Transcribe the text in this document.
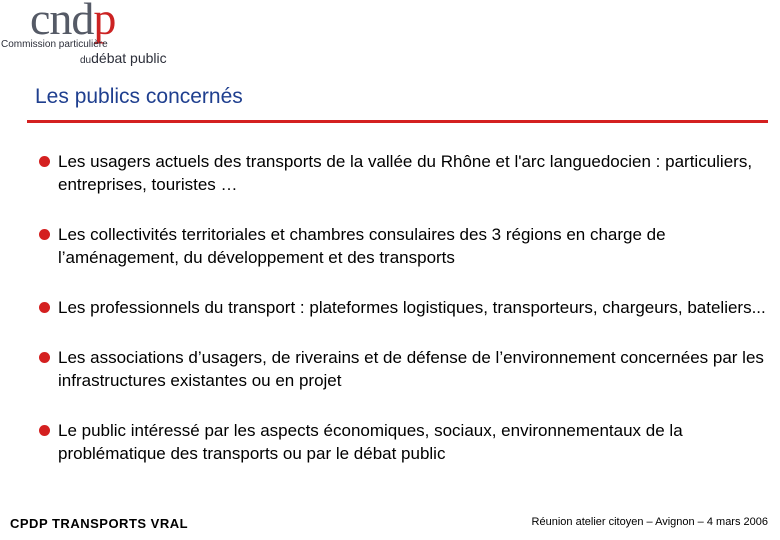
cndp
Commission particulière
dudébat public
Les publics concernés
Les usagers actuels des transports de la vallée du Rhône et l'arc languedocien : particuliers, entreprises, touristes …
Les collectivités territoriales et chambres consulaires des 3 régions en charge de l’aménagement, du développement et des transports
Les professionnels du transport : plateformes logistiques, transporteurs, chargeurs, bateliers...
Les associations d’usagers, de riverains et de défense de l’environnement concernées par les infrastructures existantes ou en projet
Le public intéressé par les aspects économiques, sociaux, environnementaux de la problématique des transports ou par le débat public
CPDP TRANSPORTS VRAL	Réunion atelier citoyen – Avignon – 4 mars 2006
